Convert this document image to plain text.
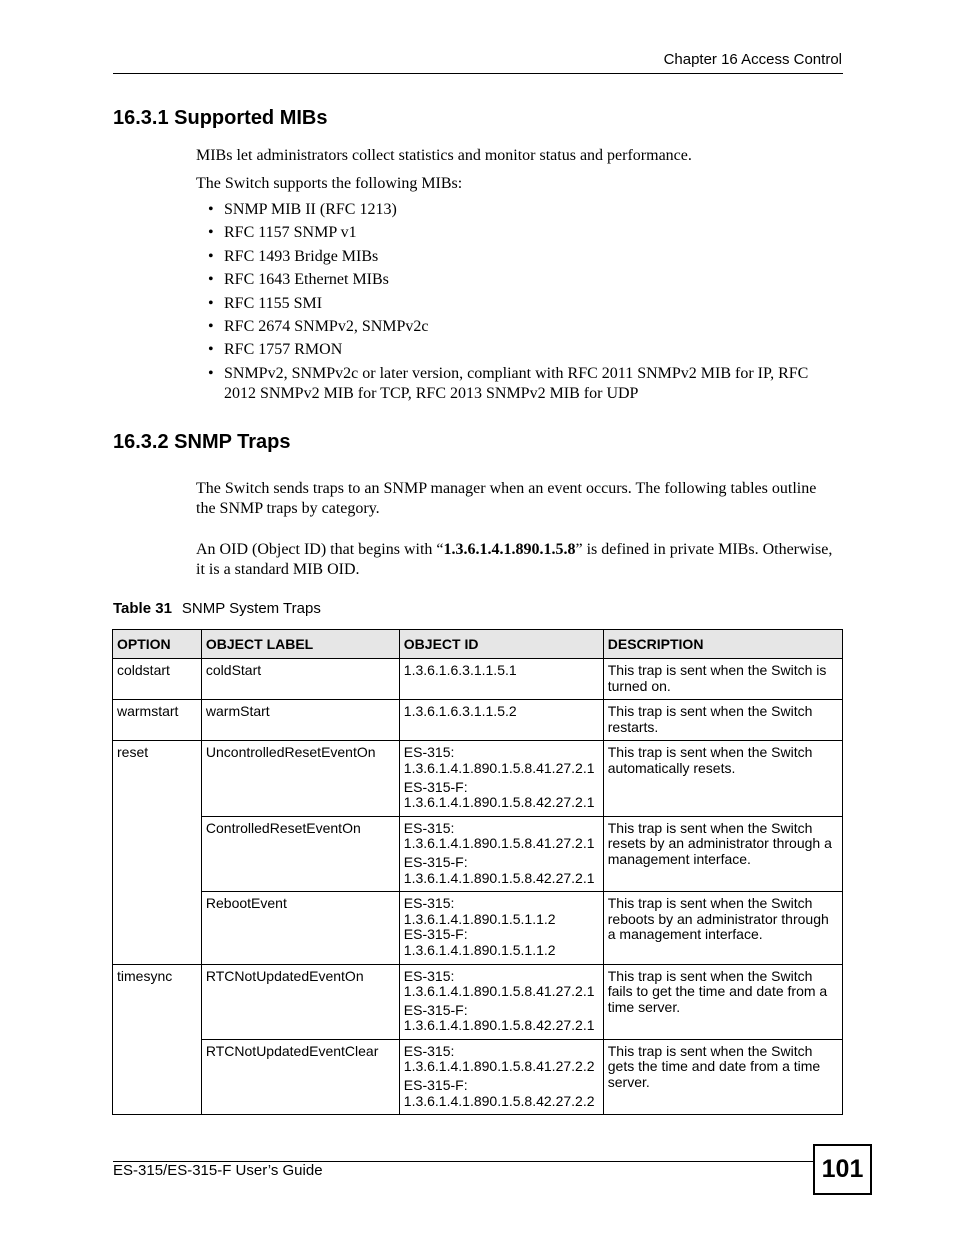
Chapter 16 Access Control
16.3.1 Supported MIBs

MIBs let administrators collect statistics and monitor status and performance.

The Switch supports the following MIBs:

• SNMP MIB II (RFC 1213)
• RFC 1157 SNMP v1
• RFC 1493 Bridge MIBs
• RFC 1643 Ethernet MIBs
• RFC 1155 SMI
• RFC 2674 SNMPv2, SNMPv2c
• RFC 1757 RMON
• SNMPv2, SNMPv2c or later version, compliant with RFC 2011 SNMPv2 MIB for IP, RFC 2012 SNMPv2 MIB for TCP, RFC 2013 SNMPv2 MIB for UDP
16.3.2 SNMP Traps

The Switch sends traps to an SNMP manager when an event occurs. The following tables outline the SNMP traps by category.

An OID (Object ID) that begins with “1.3.6.1.4.1.890.1.5.8” is defined in private MIBs. Otherwise, it is a standard MIB OID.

Table 31 SNMP System Traps
OPTION	OBJECT LABEL	OBJECT ID	DESCRIPTION
coldstart	coldStart	1.3.6.1.6.3.1.1.5.1	This trap is sent when the Switch is turned on.
warmstart	warmStart	1.3.6.1.6.3.1.1.5.2	This trap is sent when the Switch restarts.
reset	UncontrolledResetEventOn	ES-315:
1.3.6.1.4.1.890.1.5.8.41.27.2.1
ES-315-F:
1.3.6.1.4.1.890.1.5.8.42.27.2.1	This trap is sent when the Switch automatically resets.
	ControlledResetEventOn	ES-315:
1.3.6.1.4.1.890.1.5.8.41.27.2.1
ES-315-F:
1.3.6.1.4.1.890.1.5.8.42.27.2.1	This trap is sent when the Switch resets by an administrator through a management interface.
	RebootEvent	ES-315:
1.3.6.1.4.1.890.1.5.1.1.2
ES-315-F:
1.3.6.1.4.1.890.1.5.1.1.2	This trap is sent when the Switch reboots by an administrator through a management interface.
timesync	RTCNotUpdatedEventOn	ES-315:
1.3.6.1.4.1.890.1.5.8.41.27.2.1
ES-315-F:
1.3.6.1.4.1.890.1.5.8.42.27.2.1	This trap is sent when the Switch fails to get the time and date from a time server.
	RTCNotUpdatedEventClear	ES-315:
1.3.6.1.4.1.890.1.5.8.41.27.2.2
ES-315-F:
1.3.6.1.4.1.890.1.5.8.42.27.2.2	This trap is sent when the Switch gets the time and date from a time server.
ES-315/ES-315-F User’s Guide	101
